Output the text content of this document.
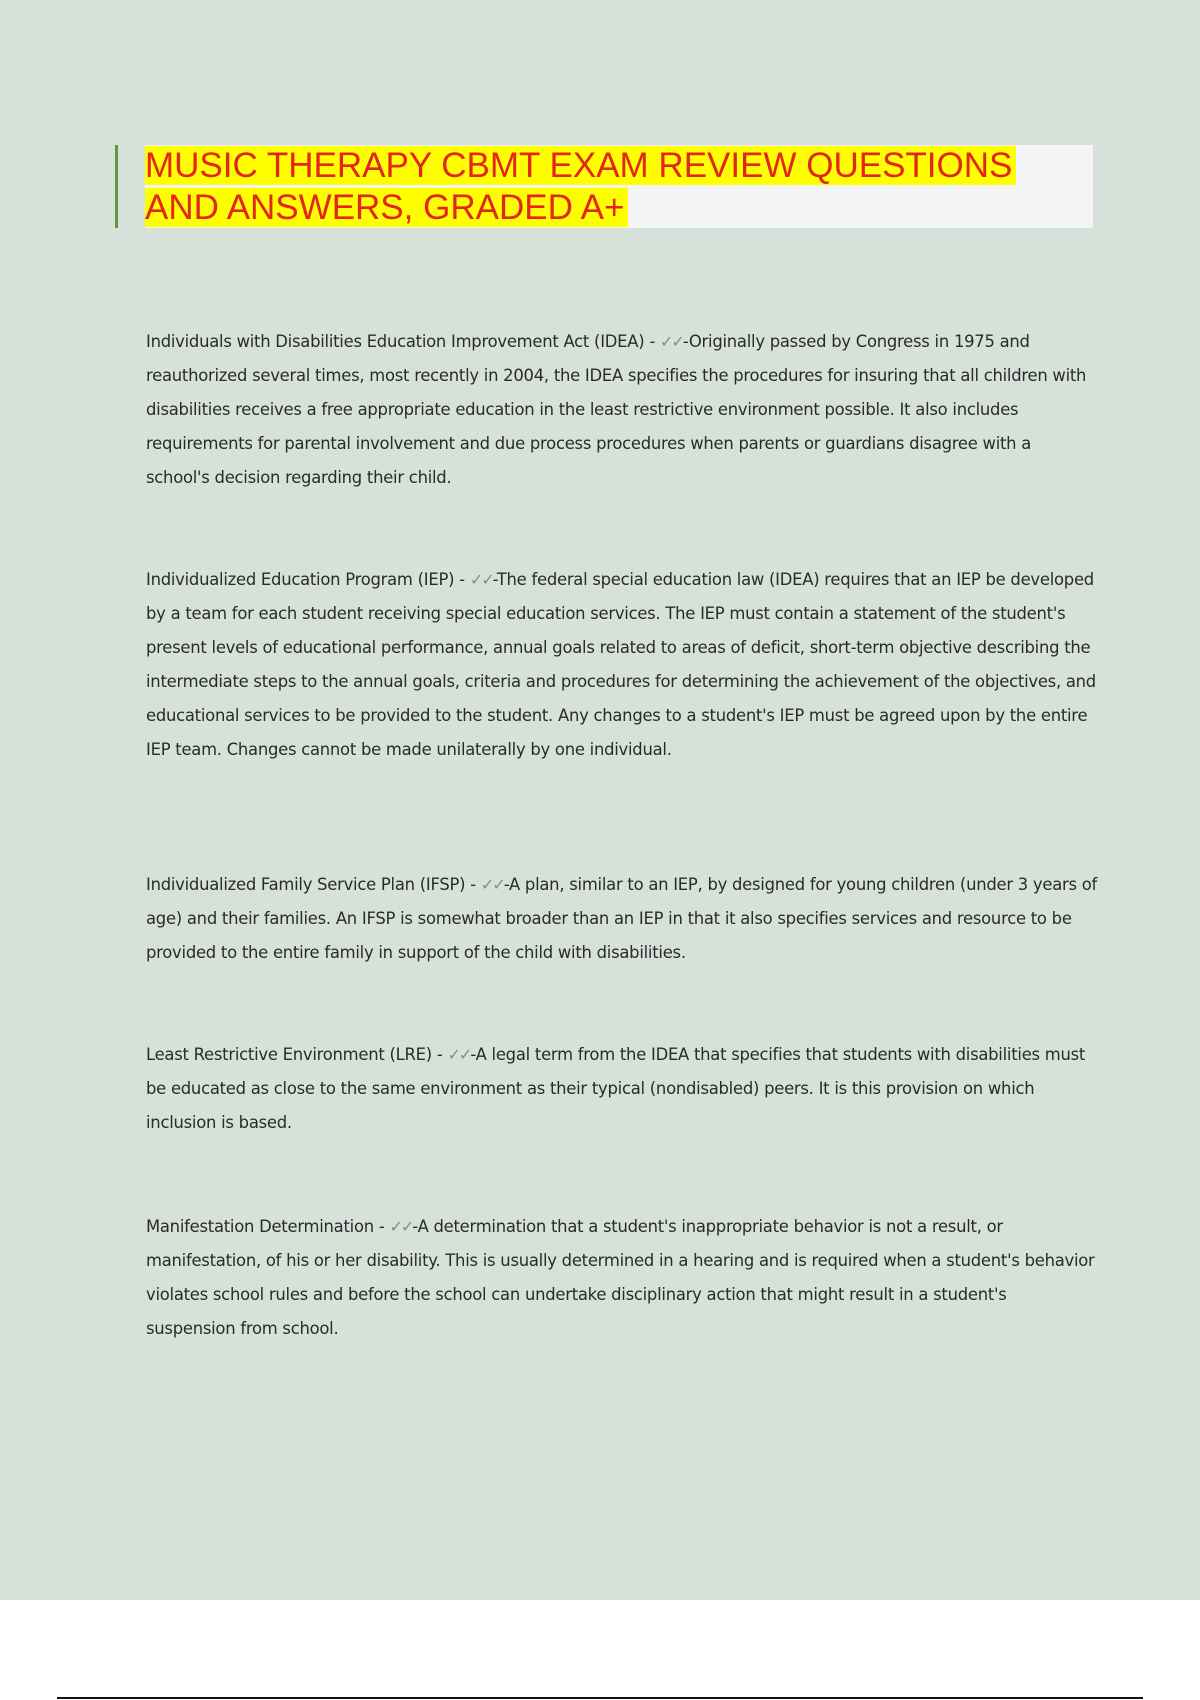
MUSIC THERAPY CBMT EXAM REVIEW QUESTIONS
AND ANSWERS, GRADED A+

Individuals with Disabilities Education Improvement Act (IDEA) - ✓✓-Originally passed by Congress in 1975 and reauthorized several times, most recently in 2004, the IDEA specifies the procedures for insuring that all children with disabilities receives a free appropriate education in the least restrictive environment possible. It also includes requirements for parental involvement and due process procedures when parents or guardians disagree with a school's decision regarding their child.

Individualized Education Program (IEP) - ✓✓-The federal special education law (IDEA) requires that an IEP be developed by a team for each student receiving special education services. The IEP must contain a statement of the student's present levels of educational performance, annual goals related to areas of deficit, short-term objective describing the intermediate steps to the annual goals, criteria and procedures for determining the achievement of the objectives, and educational services to be provided to the student. Any changes to a student's IEP must be agreed upon by the entire IEP team. Changes cannot be made unilaterally by one individual.

Individualized Family Service Plan (IFSP) - ✓✓-A plan, similar to an IEP, by designed for young children (under 3 years of age) and their families. An IFSP is somewhat broader than an IEP in that it also specifies services and resource to be provided to the entire family in support of the child with disabilities.

Least Restrictive Environment (LRE) - ✓✓-A legal term from the IDEA that specifies that students with disabilities must be educated as close to the same environment as their typical (nondisabled) peers. It is this provision on which inclusion is based.

Manifestation Determination - ✓✓-A determination that a student's inappropriate behavior is not a result, or manifestation, of his or her disability. This is usually determined in a hearing and is required when a student's behavior violates school rules and before the school can undertake disciplinary action that might result in a student's suspension from school.
